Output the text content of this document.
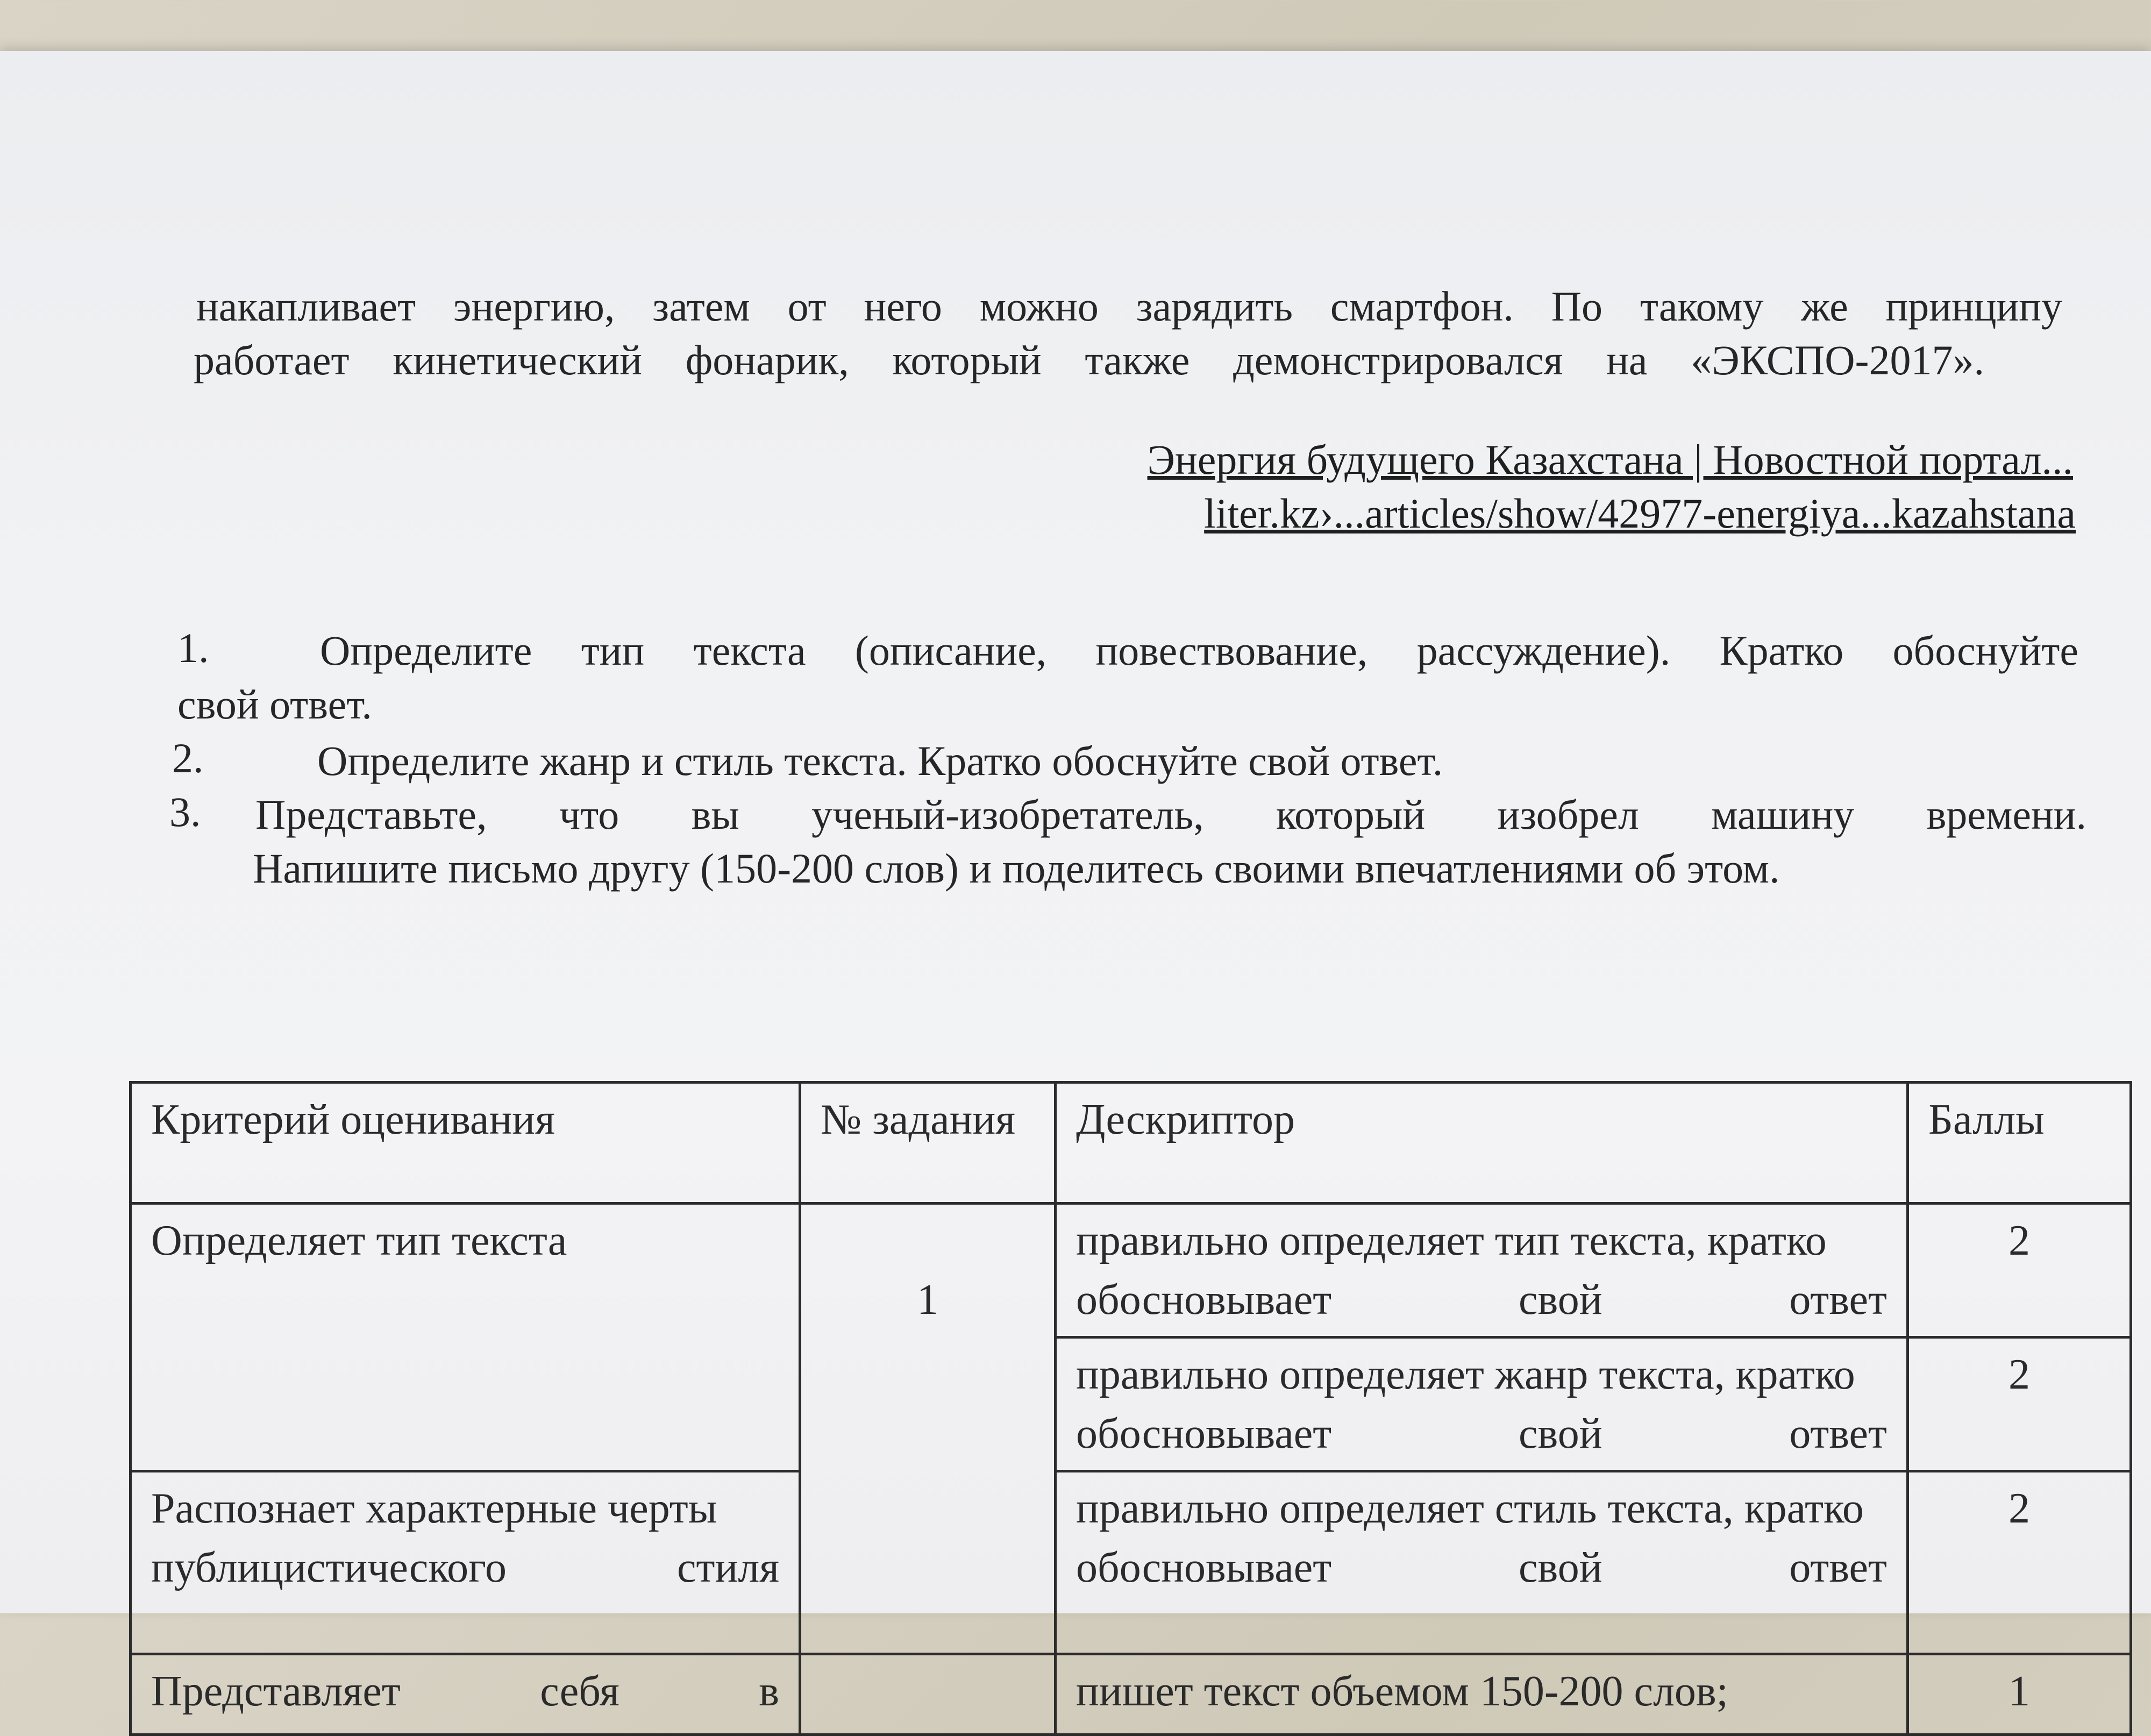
накапливает энергию, затем от него можно зарядить смартфон. По такому же принципу
работает кинетический фонарик, который также демонстрировался на «ЭКСПО-2017».
Энергия будущего Казахстана | Новостной портал...
liter.kz›...articles/show/42977-energiya...kazahstana
1.	Определите тип текста (описание, повествование, рассуждение). Кратко обоснуйте
свой ответ.
2.	Определите жанр и стиль текста. Кратко обоснуйте свой ответ.
3. Представьте, что вы ученый-изобретатель, который изобрел машину времени.
Напишите письмо другу (150-200 слов) и поделитесь своими впечатлениями об этом.
Критерий оценивания	№ задания	Дескриптор	Баллы
Определяет тип текста	1	правильно определяет тип текста, кратко обосновывает свой ответ	2
		правильно определяет жанр текста, кратко обосновывает свой ответ	2
Распознает характерные черты публицистического стиля		правильно определяет стиль текста, кратко обосновывает свой ответ	2
Представляет себя в		пишет текст объемом 150-200 слов;	1
